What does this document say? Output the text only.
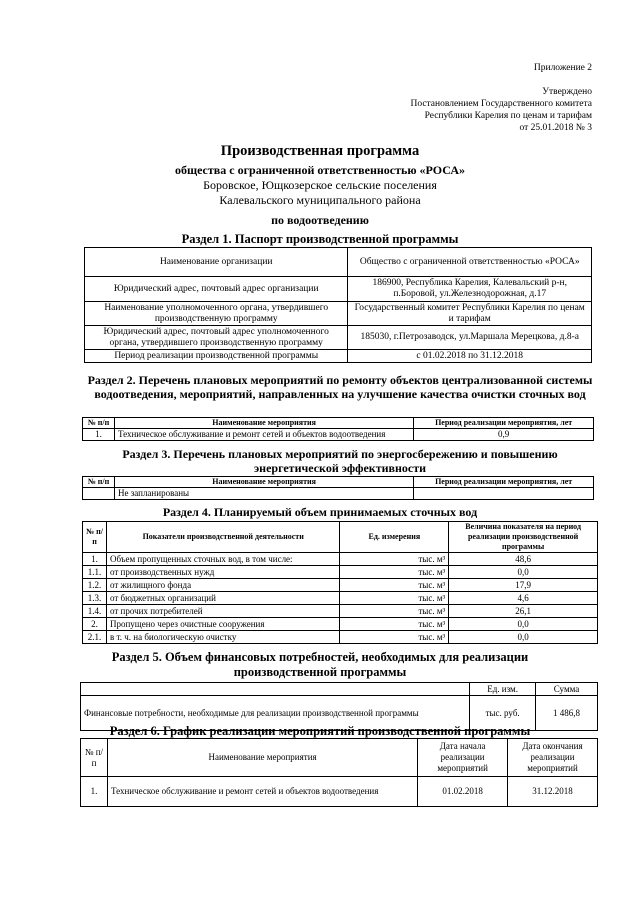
Приложение 2
Утверждено
Постановлением Государственного комитета
Республики Карелия по ценам и тарифам
от 25.01.2018 № 3
Производственная программа
общества с ограниченной ответственностью «РОСА»
Боровское, Ющкозерское сельские поселения
Калевальского муниципального района
по водоотведению
Раздел 1. Паспорт производственной программы
Наименование организации	Общество с ограниченной ответственностью «РОСА»
Юридический адрес, почтовый адрес организации	186900, Республика Карелия, Калевальский р-н, п.Боровой, ул.Железнодорожная, д.17
Наименование уполномоченного органа, утвердившего производственную программу	Государственный комитет Республики Карелия по ценам и тарифам
Юридический адрес, почтовый адрес уполномоченного органа, утвердившего производственную программу	185030, г.Петрозаводск, ул.Маршала Мерецкова, д.8-а
Период реализации производственной программы	с 01.02.2018 по 31.12.2018
Раздел 2. Перечень плановых мероприятий по ремонту объектов централизованной системы водоотведения, мероприятий, направленных на улучшение качества очистки сточных вод
№ п/п	Наименование мероприятия	Период реализации мероприятия, лет
1.	Техническое обслуживание и ремонт сетей и объектов водоотведения	0,9
Раздел 3. Перечень плановых мероприятий по энергосбережению и повышению энергетической эффективности
№ п/п	Наименование мероприятия	Период реализации мероприятия, лет
	Не запланированы	
Раздел 4. Планируемый объем принимаемых сточных вод
№ п/п	Показатели производственной деятельности	Ед. измерения	Величина показателя на период реализации производственной программы
1.	Объем пропущенных сточных вод, в том числе:	тыс. м³	48,6
1.1.	от производственных нужд	тыс. м³	0,0
1.2.	от жилищного фонда	тыс. м³	17,9
1.3.	от бюджетных организаций	тыс. м³	4,6
1.4.	от прочих потребителей	тыс. м³	26,1
2.	Пропущено через очистные сооружения	тыс. м³	0,0
2.1.	в т. ч. на биологическую очистку	тыс. м³	0,0
Раздел 5. Объем финансовых потребностей, необходимых для реализации
производственной программы
	Ед. изм.	Сумма
Финансовые потребности, необходимые для реализации производственной программы	тыс. руб.	1 486,8
Раздел 6. График реализации мероприятий производственной программы
№ п/п	Наименование мероприятия	Дата начала реализации мероприятий	Дата окончания реализации мероприятий
1.	Техническое обслуживание и ремонт сетей и объектов водоотведения	01.02.2018	31.12.2018
